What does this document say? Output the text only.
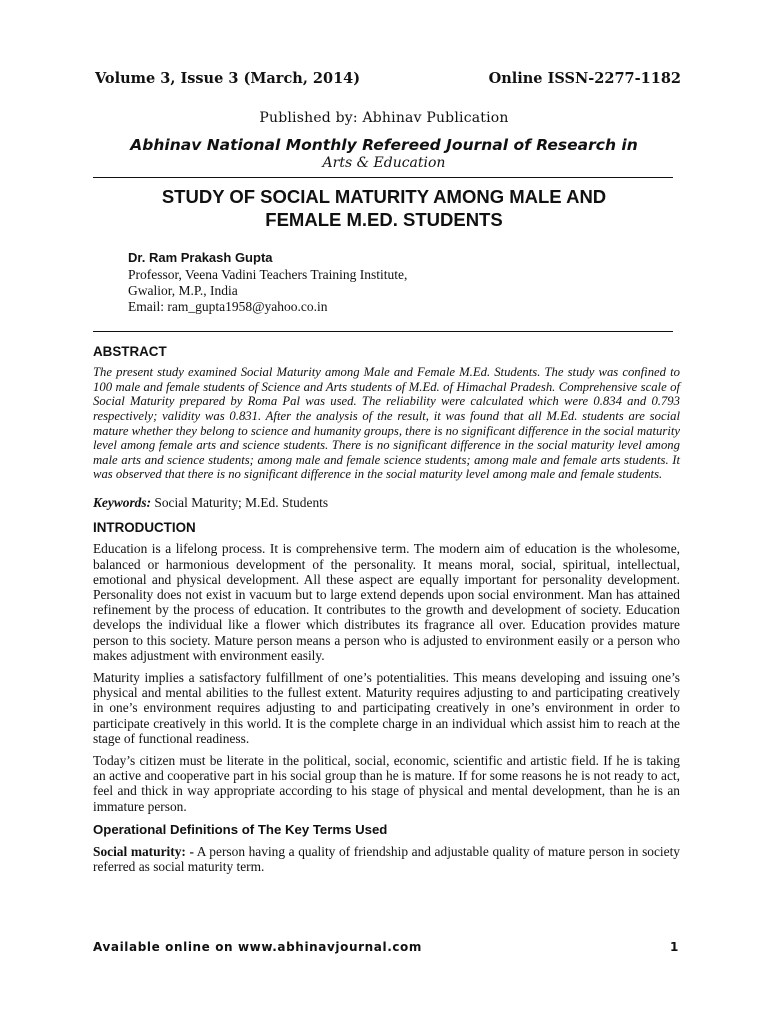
Volume 3, Issue 3 (March, 2014)	Online ISSN-2277-1182
Published by: Abhinav Publication
Abhinav National Monthly Refereed Journal of Research in
Arts & Education
STUDY OF SOCIAL MATURITY AMONG MALE AND
FEMALE M.ED. STUDENTS
Dr. Ram Prakash Gupta
Professor, Veena Vadini Teachers Training Institute,
Gwalior, M.P., India
Email: ram_gupta1958@yahoo.co.in
ABSTRACT

The present study examined Social Maturity among Male and Female M.Ed. Students. The study was confined to 100 male and female students of Science and Arts students of M.Ed. of Himachal Pradesh. Comprehensive scale of Social Maturity prepared by Roma Pal was used. The reliability were calculated which were 0.834 and 0.793 respectively; validity was 0.831. After the analysis of the result, it was found that all M.Ed. students are social mature whether they belong to science and humanity groups, there is no significant difference in the social maturity level among female arts and science students. There is no significant difference in the social maturity level among male arts and science students; among male and female science students; among male and female arts students. It was observed that there is no significant difference in the social maturity level among male and female students.

Keywords: Social Maturity; M.Ed. Students

INTRODUCTION

Education is a lifelong process. It is comprehensive term. The modern aim of education is the wholesome, balanced or harmonious development of the personality. It means moral, social, spiritual, intellectual, emotional and physical development. All these aspect are equally important for personality development. Personality does not exist in vacuum but to large extend depends upon social environment. Man has attained refinement by the process of education. It contributes to the growth and development of society. Education develops the individual like a flower which distributes its fragrance all over. Education provides mature person to this society. Mature person means a person who is adjusted to environment easily or a person who makes adjustment with environment easily.

Maturity implies a satisfactory fulfillment of one’s potentialities. This means developing and issuing one’s physical and mental abilities to the fullest extent. Maturity requires adjusting to and participating creatively in one’s environment requires adjusting to and participating creatively in one’s environment in order to participate creatively in this world. It is the complete charge in an individual which assist him to reach at the stage of functional readiness.

Today’s citizen must be literate in the political, social, economic, scientific and artistic field. If he is taking an active and cooperative part in his social group than he is mature. If for some reasons he is not ready to act, feel and thick in way appropriate according to his stage of physical and mental development, than he is an immature person.

Operational Definitions of The Key Terms Used

Social maturity: - A person having a quality of friendship and adjustable quality of mature person in society referred as social maturity term.

Available online on www.abhinavjournal.com	1
